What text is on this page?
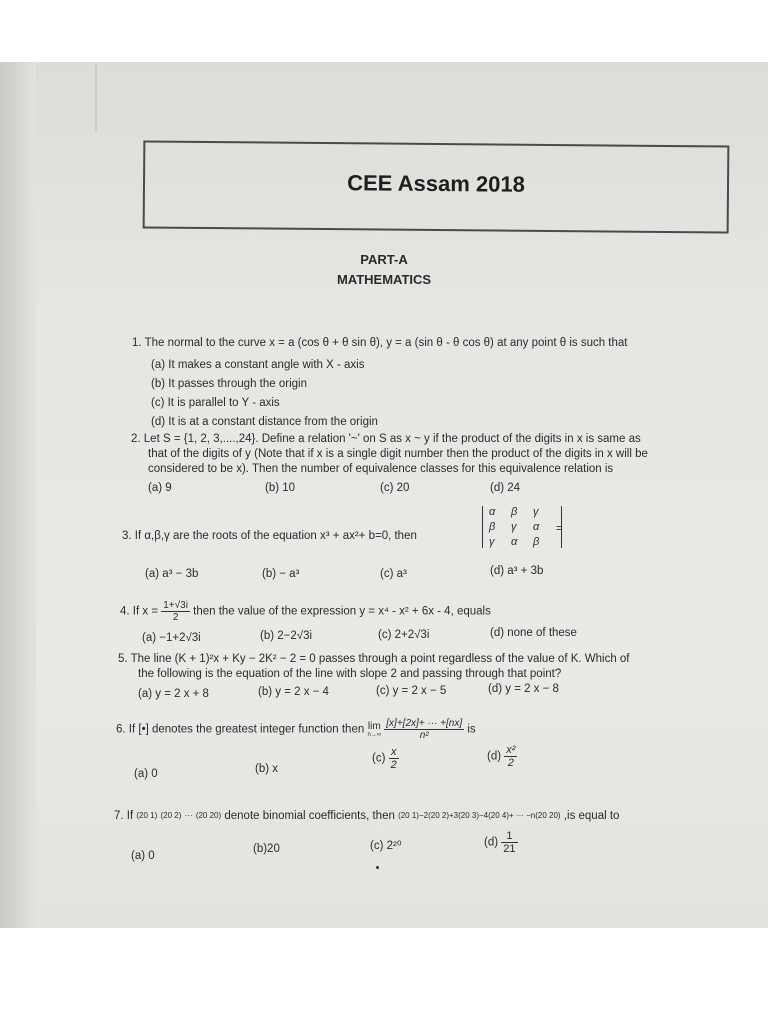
CEE Assam 2018
PART-A
MATHEMATICS
1. The normal to the curve x = a (cos θ + θ sin θ), y = a (sin θ - θ cos θ) at any point θ is such that
(a) It makes a constant angle with X - axis
(b) It passes through the origin
(c) It is parallel to Y - axis
(d) It is at a constant distance from the origin
2. Let S = {1, 2, 3,....,24}. Define a relation '~' on S as x ~ y if the product of the digits in x is same as
that of the digits of y (Note that if x is a single digit number then the product of the digits in x will be
considered to be x). Then the number of equivalence classes for this equivalence relation is
(a) 9	(b) 10	(c) 20	(d) 24
3. If α,β,γ are the roots of the equation x³ + ax²+ b=0, then
α	β	γ
β	γ	α
γ	α	β
=
(a) a³ − 3b	(b) − a³	(c) a³	(d) a³ + 3b
4. If $x = \frac{1+√3i}{2}$ then the value of the expression y = x⁴ - x² + 6x - 4, equals
(a) −1+2√3i	(b) 2−2√3i	(c) 2+2√3i	(d) none of these
5. The line (K + 1)²x + Ky − 2K² − 2 = 0 passes through a point regardless of the value of K. Which of
the following is the equation of the line with slope 2 and passing through that point?
(a) y = 2 x + 8	(b) y = 2 x − 4	(c) y = 2 x − 5	(d) y = 2 x − 8
6. If [•] denotes the greatest integer function then lim
n→∞
$\frac{[x]+[2x]+ \cdot\cdot\cdot +[nx]}{\text{n²}}$ is
(a) 0	(b) x
$(c) \frac{x}{2}$	$(d) \frac{\text{x²}}{2}$
7. If (20 1) (20 2) ··· (20 20) denote binomial coefficients, then (20 1)−2(20 2)+3(20 3)−4(20 4)+ ··· −n(20 20) ,is equal to
(a) 0
(b)20	(c) 2²⁰	$(d) \frac{1}{21}$
